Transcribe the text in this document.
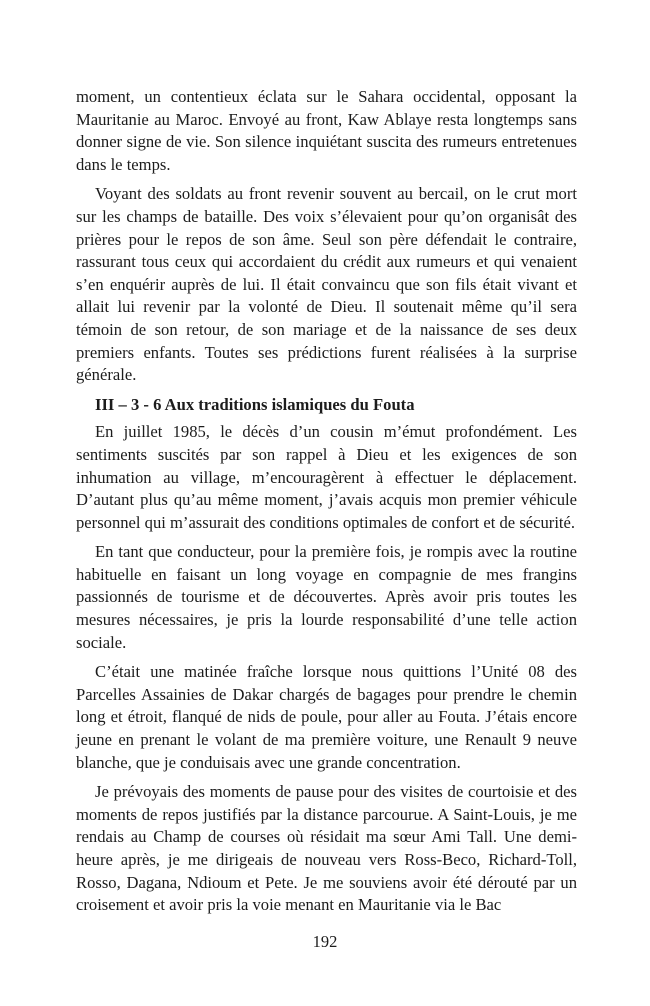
moment, un contentieux éclata sur le Sahara occidental, opposant la Mauritanie au Maroc. Envoyé au front, Kaw Ablaye resta longtemps sans donner signe de vie. Son silence inquiétant suscita des rumeurs entretenues dans le temps.

Voyant des soldats au front revenir souvent au bercail, on le crut mort sur les champs de bataille. Des voix s’élevaient pour qu’on organisât des prières pour le repos de son âme. Seul son père défendait le contraire, rassurant tous ceux qui accordaient du crédit aux rumeurs et qui venaient s’en enquérir auprès de lui. Il était convaincu que son fils était vivant et allait lui revenir par la volonté de Dieu. Il soutenait même qu’il sera témoin de son retour, de son mariage et de la naissance de ses deux premiers enfants. Toutes ses prédictions furent réalisées à la surprise générale.

III – 3 - 6 Aux traditions islamiques du Fouta

En juillet 1985, le décès d’un cousin m’émut profondément. Les sentiments suscités par son rappel à Dieu et les exigences de son inhumation au village, m’encouragèrent à effectuer le déplacement. D’autant plus qu’au même moment, j’avais acquis mon premier véhicule personnel qui m’assurait des conditions optimales de confort et de sécurité.

En tant que conducteur, pour la première fois, je rompis avec la routine habituelle en faisant un long voyage en compagnie de mes frangins passionnés de tourisme et de découvertes. Après avoir pris toutes les mesures nécessaires, je pris la lourde responsabilité d’une telle action sociale.

C’était une matinée fraîche lorsque nous quittions l’Unité 08 des Parcelles Assainies de Dakar chargés de bagages pour prendre le chemin long et étroit, flanqué de nids de poule, pour aller au Fouta. J’étais encore jeune en prenant le volant de ma première voiture, une Renault 9 neuve blanche, que je conduisais avec une grande concentration.

Je prévoyais des moments de pause pour des visites de courtoisie et des moments de repos justifiés par la distance parcourue. A Saint-Louis, je me rendais au Champ de courses où résidait ma sœur Ami Tall. Une demi-heure après, je me dirigeais de nouveau vers Ross-Beco, Richard-Toll, Rosso, Dagana, Ndioum et Pete. Je me souviens avoir été dérouté par un croisement et avoir pris la voie menant en Mauritanie via le Bac

192
